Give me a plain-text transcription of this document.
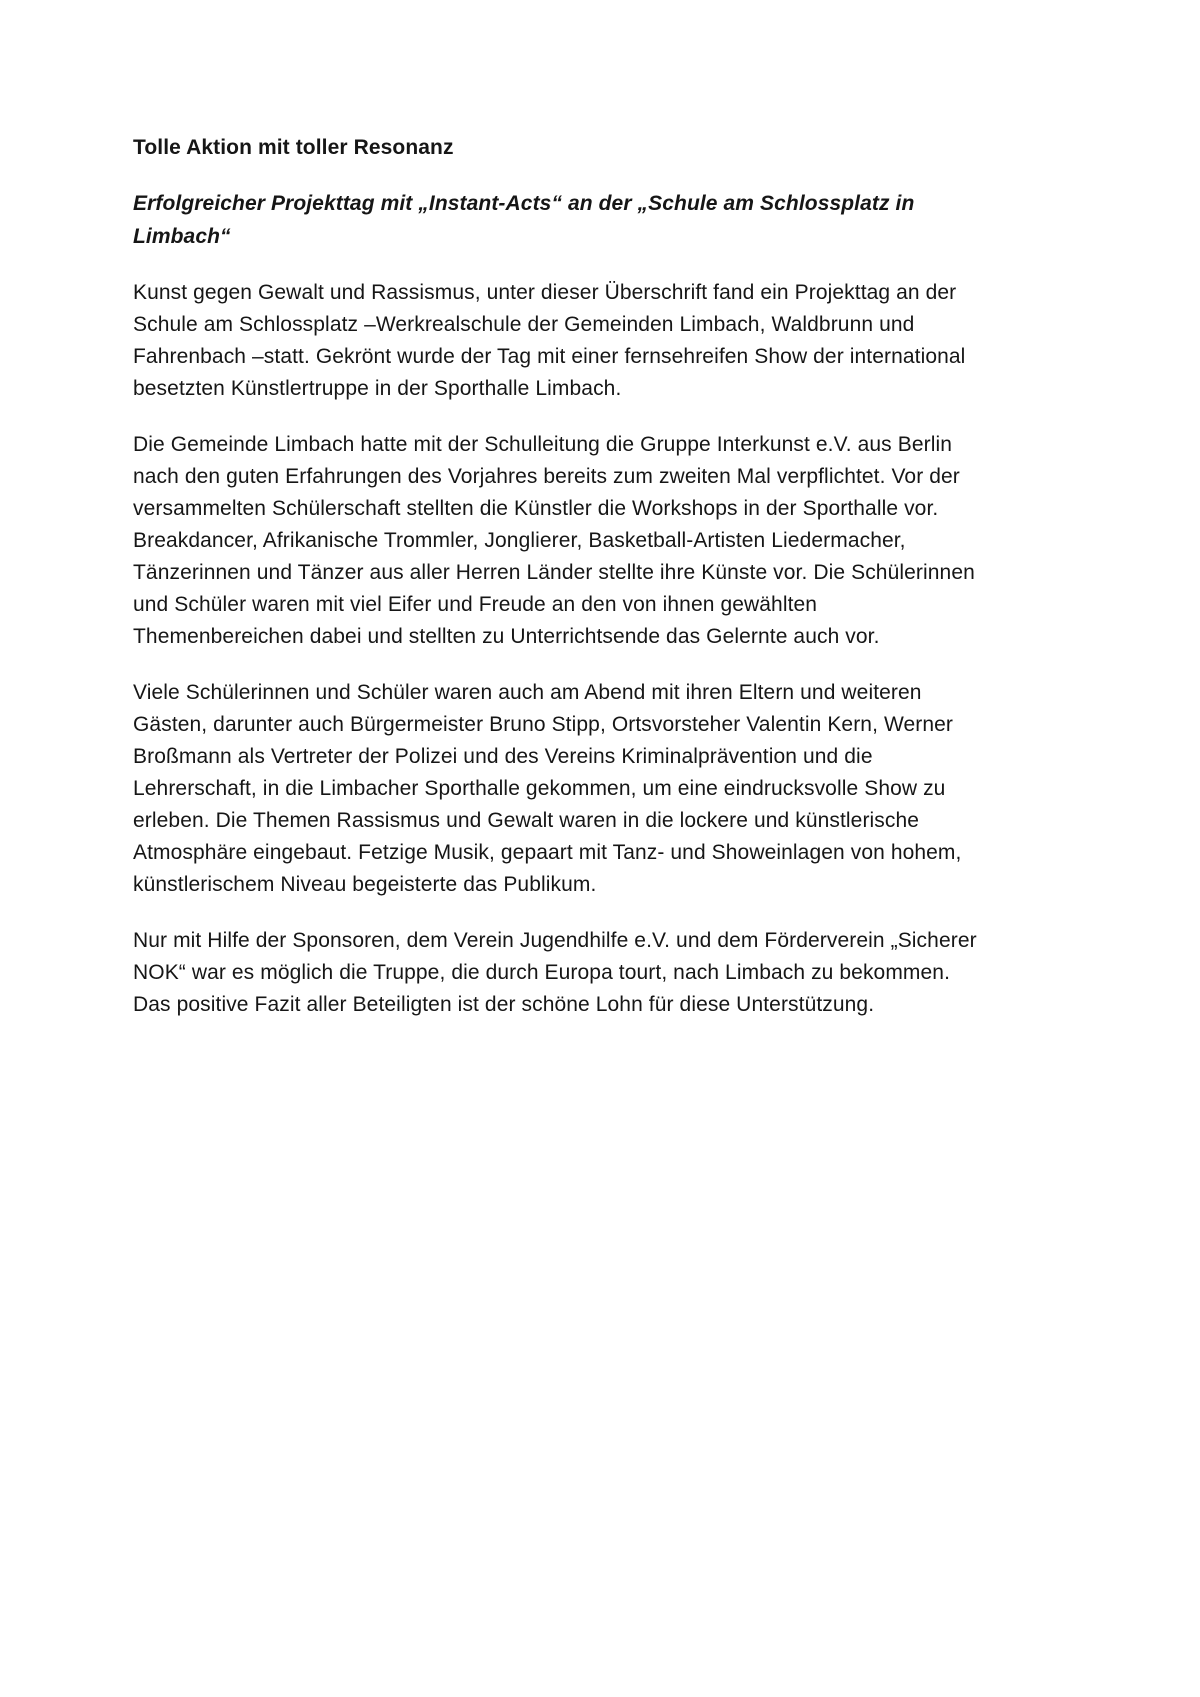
Tolle Aktion mit toller Resonanz
Erfolgreicher Projekttag mit „Instant-Acts“ an der „Schule am Schlossplatz in Limbach“

Kunst gegen Gewalt und Rassismus, unter dieser Überschrift fand ein Projekttag an der Schule am Schlossplatz –Werkrealschule der Gemeinden Limbach, Waldbrunn und Fahrenbach –statt. Gekrönt wurde der Tag mit einer fernsehreifen Show der international besetzten Künstlertruppe in der Sporthalle Limbach.

Die Gemeinde Limbach hatte mit der Schulleitung die Gruppe Interkunst e.V. aus Berlin nach den guten Erfahrungen des Vorjahres bereits zum zweiten Mal verpflichtet. Vor der versammelten Schülerschaft stellten die Künstler die Workshops in der Sporthalle vor. Breakdancer, Afrikanische Trommler, Jonglierer, Basketball-Artisten Liedermacher, Tänzerinnen und Tänzer aus aller Herren Länder stellte ihre Künste vor. Die Schülerinnen und Schüler waren mit viel Eifer und Freude an den von ihnen gewählten Themenbereichen dabei und stellten zu Unterrichtsende das Gelernte auch vor.

Viele Schülerinnen und Schüler waren auch am Abend mit ihren Eltern und weiteren Gästen, darunter auch Bürgermeister Bruno Stipp, Ortsvorsteher Valentin Kern, Werner Broßmann als Vertreter der Polizei und des Vereins Kriminalprävention und die Lehrerschaft, in die Limbacher Sporthalle gekommen, um eine eindrucksvolle Show zu erleben. Die Themen Rassismus und Gewalt waren in die lockere und künstlerische Atmosphäre eingebaut. Fetzige Musik, gepaart mit Tanz- und Showeinlagen von hohem, künstlerischem Niveau begeisterte das Publikum.

Nur mit Hilfe der Sponsoren, dem Verein Jugendhilfe e.V. und dem Förderverein „Sicherer NOK“ war es möglich die Truppe, die durch Europa tourt, nach Limbach zu bekommen. Das positive Fazit aller Beteiligten ist der schöne Lohn für diese Unterstützung.
